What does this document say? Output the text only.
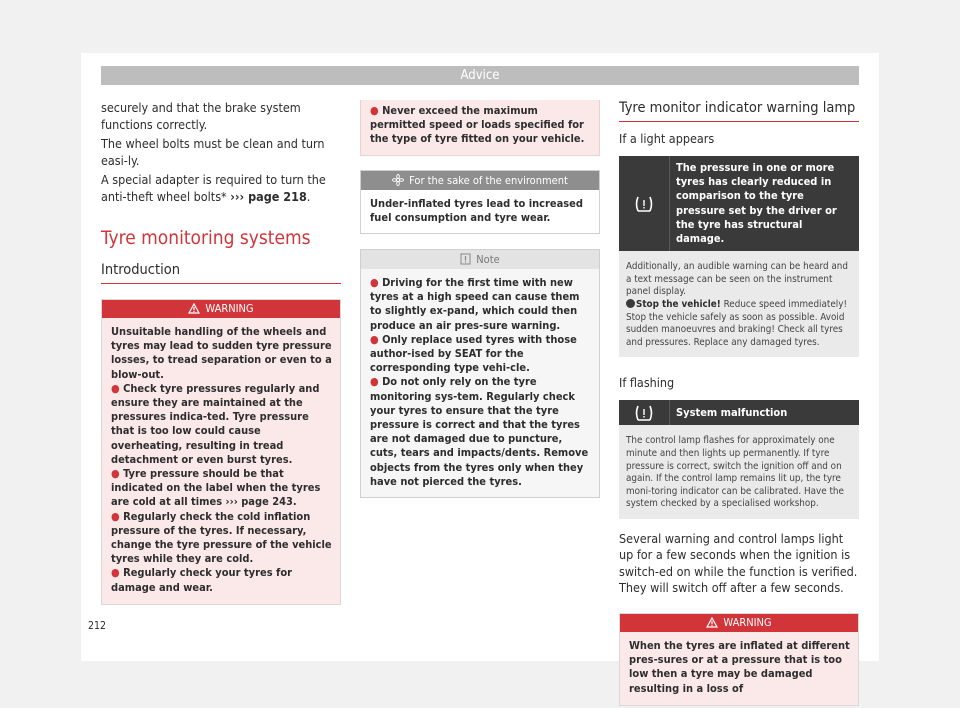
Advice

securely and that the brake system functions correctly.

The wheel bolts must be clean and turn easi-ly.

A special adapter is required to turn the anti-theft wheel bolts* ››› page 218.

Tyre monitoring systems
Introduction
WARNING

Unsuitable handling of the wheels and tyres may lead to sudden tyre pressure losses, to tread separation or even to a blow-out.

● Check tyre pressures regularly and ensure they are maintained at the pressures indica-ted. Tyre pressure that is too low could cause overheating, resulting in tread detachment or even burst tyres.

● Tyre pressure should be that indicated on the label when the tyres are cold at all times ››› page 243.

● Regularly check the cold inflation pressure of the tyres. If necessary, change the tyre pressure of the vehicle tyres while they are cold.

● Regularly check your tyres for damage and wear.

● Never exceed the maximum permitted speed or loads specified for the type of tyre fitted on your vehicle.
For the sake of the environment
Under-inflated tyres lead to increased fuel consumption and tyre wear.
Note

● Driving for the first time with new tyres at a high speed can cause them to slightly ex-pand, which could then produce an air pres-sure warning.

● Only replace used tyres with those author-ised by SEAT for the corresponding type vehi-cle.

● Do not only rely on the tyre monitoring sys-tem. Regularly check your tyres to ensure that the tyre pressure is correct and that the tyres are not damaged due to puncture, cuts, tears and impacts/dents. Remove objects from the tyres only when they have not pierced the tyres.

Tyre monitor indicator warning lamp
If a light appears
The pressure in one or more tyres has clearly reduced in comparison to the tyre pressure set by the driver or the tyre has structural damage.
Additionally, an audible warning can be heard and a text message can be seen on the instrument panel display.
Stop the vehicle! Reduce speed immediately! Stop the vehicle safely as soon as possible. Avoid sudden manoeuvres and braking! Check all tyres and pressures. Replace any damaged tyres.
If flashing
System malfunction
The control lamp flashes for approximately one minute and then lights up permanently. If tyre pressure is correct, switch the ignition off and on again. If the control lamp remains lit up, the tyre moni-toring indicator can be calibrated. Have the system checked by a specialised workshop.

Several warning and control lamps light up for a few seconds when the ignition is switch-ed on while the function is verified. They will switch off after a few seconds.

WARNING
When the tyres are inflated at different pres-sures or at a pressure that is too low then a tyre may be damaged resulting in a loss of
212
